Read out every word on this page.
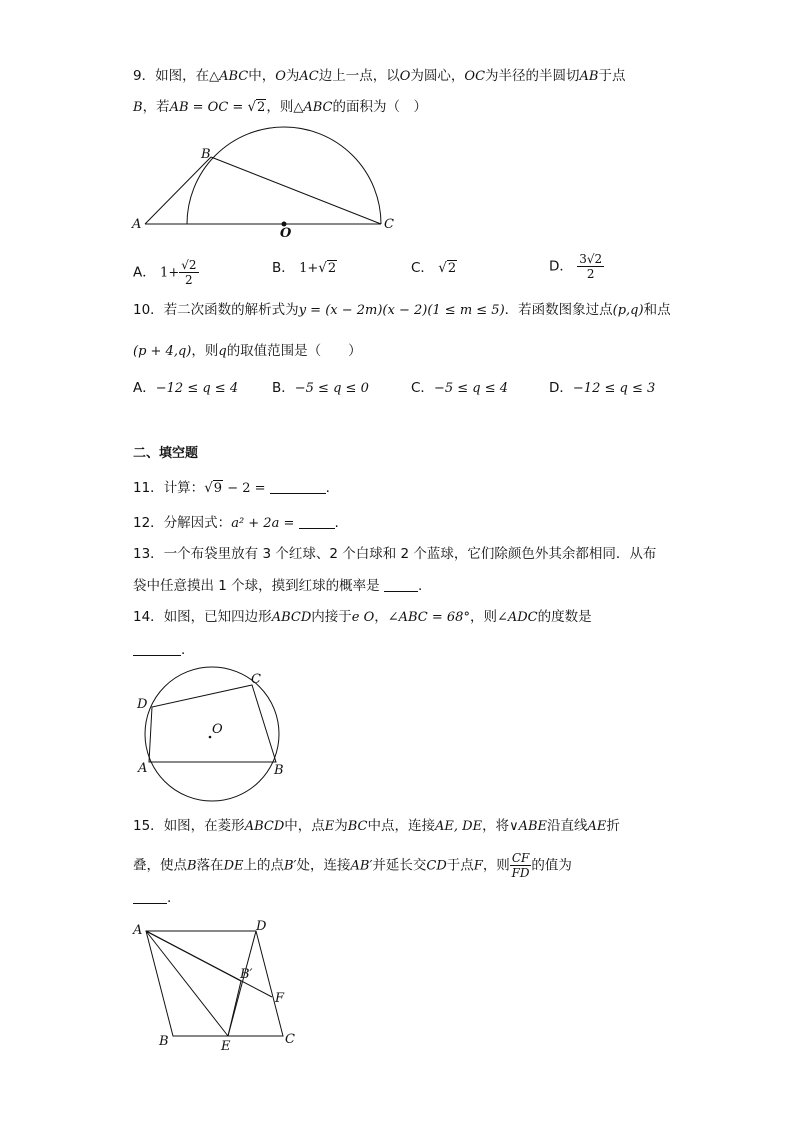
9．如图，在△ABC中，O为AC边上一点，以O为圆心，OC为半径的半圆切AB于点
B，若AB = OC = √2，则△ABC的面积为（　）
A
B
C
O
A． $1+ \frac{√2}{2}$	B． 1+√2	C． √2	D． $\frac{3√2}{2}$
10．若二次函数的解析式为y = (x − 2m)(x − 2)(1 ≤ m ≤ 5)．若函数图象过点(p,q)和点
(p + 4,q)，则q的取值范围是（　　）
A．−12 ≤ q ≤ 4	B．−5 ≤ q ≤ 0	C．−5 ≤ q ≤ 4	D．−12 ≤ q ≤ 3
二、填空题
11．计算：√9 − 2 =	.
12．分解因式：a² + 2a =	.
13．一个布袋里放有 3 个红球、2 个白球和 2 个蓝球，它们除颜色外其余都相同．从布
袋中任意摸出 1 个球，摸到红球的概率是	.
14．如图，已知四边形ABCD内接于e O，∠ABC = 68°，则∠ADC的度数是
.
A	B
C
D
O
15．如图，在菱形ABCD中，点E为BC中点，连接AE, DE，将∨ABE沿直线AE折
叠，使点B落在DE上的点B′处，连接AB′并延长交CD于点F，则 $\frac{CF}{FD}$ 的值为
.
A
B	C
D
E
F
B′
